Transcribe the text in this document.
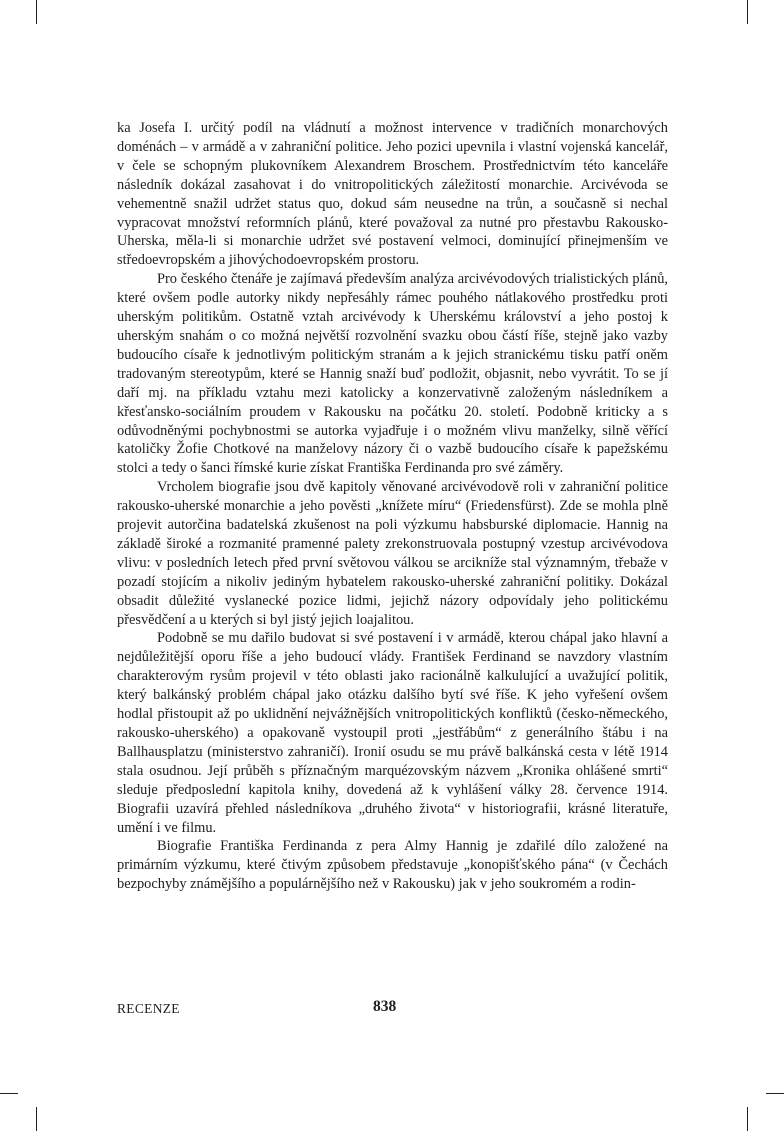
ka Josefa I. určitý podíl na vládnutí a možnost intervence v tradičních monarchových doménách – v armádě a v zahraniční politice. Jeho pozici upevnila i vlastní vojenská kancelář, v čele se schopným plukovníkem Alexandrem Broschem. Prostřednictvím této kanceláře následník dokázal zasahovat i do vnitropolitických záležitostí monarchie. Arcivévoda se vehementně snažil udržet status quo, dokud sám neusedne na trůn, a současně si nechal vypracovat množství reformních plánů, které považoval za nutné pro přestavbu Rakousko-Uherska, měla-li si monarchie udržet své postavení velmoci, dominující přinejmenším ve středoevropském a jihovýchodoevropském prostoru.

Pro českého čtenáře je zajímavá především analýza arcivévodových trialistických plánů, které ovšem podle autorky nikdy nepřesáhly rámec pouhého nátlakového prostředku proti uherským politikům. Ostatně vztah arcivévody k Uherskému království a jeho postoj k uherským snahám o co možná největší rozvolnění svazku obou částí říše, stejně jako vazby budoucího císaře k jednotlivým politickým stranám a k jejich stranickému tisku patří oněm tradovaným stereotypům, které se Hannig snaží buď podložit, objasnit, nebo vyvrátit. To se jí daří mj. na příkladu vztahu mezi katolicky a konzervativně založeným následníkem a křesťansko-sociálním proudem v Rakousku na počátku 20. století. Podobně kriticky a s odůvodněnými pochybnostmi se autorka vyjadřuje i o možném vlivu manželky, silně věřící katoličky Žofie Chotkové na manželovy názory či o vazbě budoucího císaře k papežskému stolci a tedy o šanci římské kurie získat Františka Ferdinanda pro své záměry.

Vrcholem biografie jsou dvě kapitoly věnované arcivévodově roli v zahraniční politice rakousko-uherské monarchie a jeho pověsti „knížete míru“ (Friedensfürst). Zde se mohla plně projevit autorčina badatelská zkušenost na poli výzkumu habsburské diplomacie. Hannig na základě široké a rozmanité pramenné palety zrekonstruovala postupný vzestup arcivévodova vlivu: v posledních letech před první světovou válkou se arcikníže stal významným, třebaže v pozadí stojícím a nikoliv jediným hybatelem rakousko-uherské zahraniční politiky. Dokázal obsadit důležité vyslanecké pozice lidmi, jejichž názory odpovídaly jeho politickému přesvědčení a u kterých si byl jistý jejich loajalitou.

Podobně se mu dařilo budovat si své postavení i v armádě, kterou chápal jako hlavní a nejdůležitější oporu říše a jeho budoucí vlády. František Ferdinand se navzdory vlastním charakterovým rysům projevil v této oblasti jako racionálně kalkulující a uvažující politik, který balkánský problém chápal jako otázku dalšího bytí své říše. K jeho vyřešení ovšem hodlal přistoupit až po uklidnění nejvážnějších vnitropolitických konfliktů (česko-německého, rakousko-uherského) a opakovaně vystoupil proti „jestřábům“ z generálního štábu i na Ballhausplatzu (ministerstvo zahraničí). Ironií osudu se mu právě balkánská cesta v létě 1914 stala osudnou. Její průběh s příznačným marquézovským názvem „Kronika ohlášené smrti“ sleduje předposlední kapitola knihy, dovedená až k vyhlášení války 28. července 1914. Biografii uzavírá přehled následníkova „druhého života“ v historiografii, krásné literatuře, umění i ve filmu.

Biografie Františka Ferdinanda z pera Almy Hannig je zdařilé dílo založené na primárním výzkumu, které čtivým způsobem představuje „konopišťského pána“ (v Čechách bezpochyby známějšího a populárnějšího než v Rakousku) jak v jeho soukromém a rodin-

RECENZE	838
